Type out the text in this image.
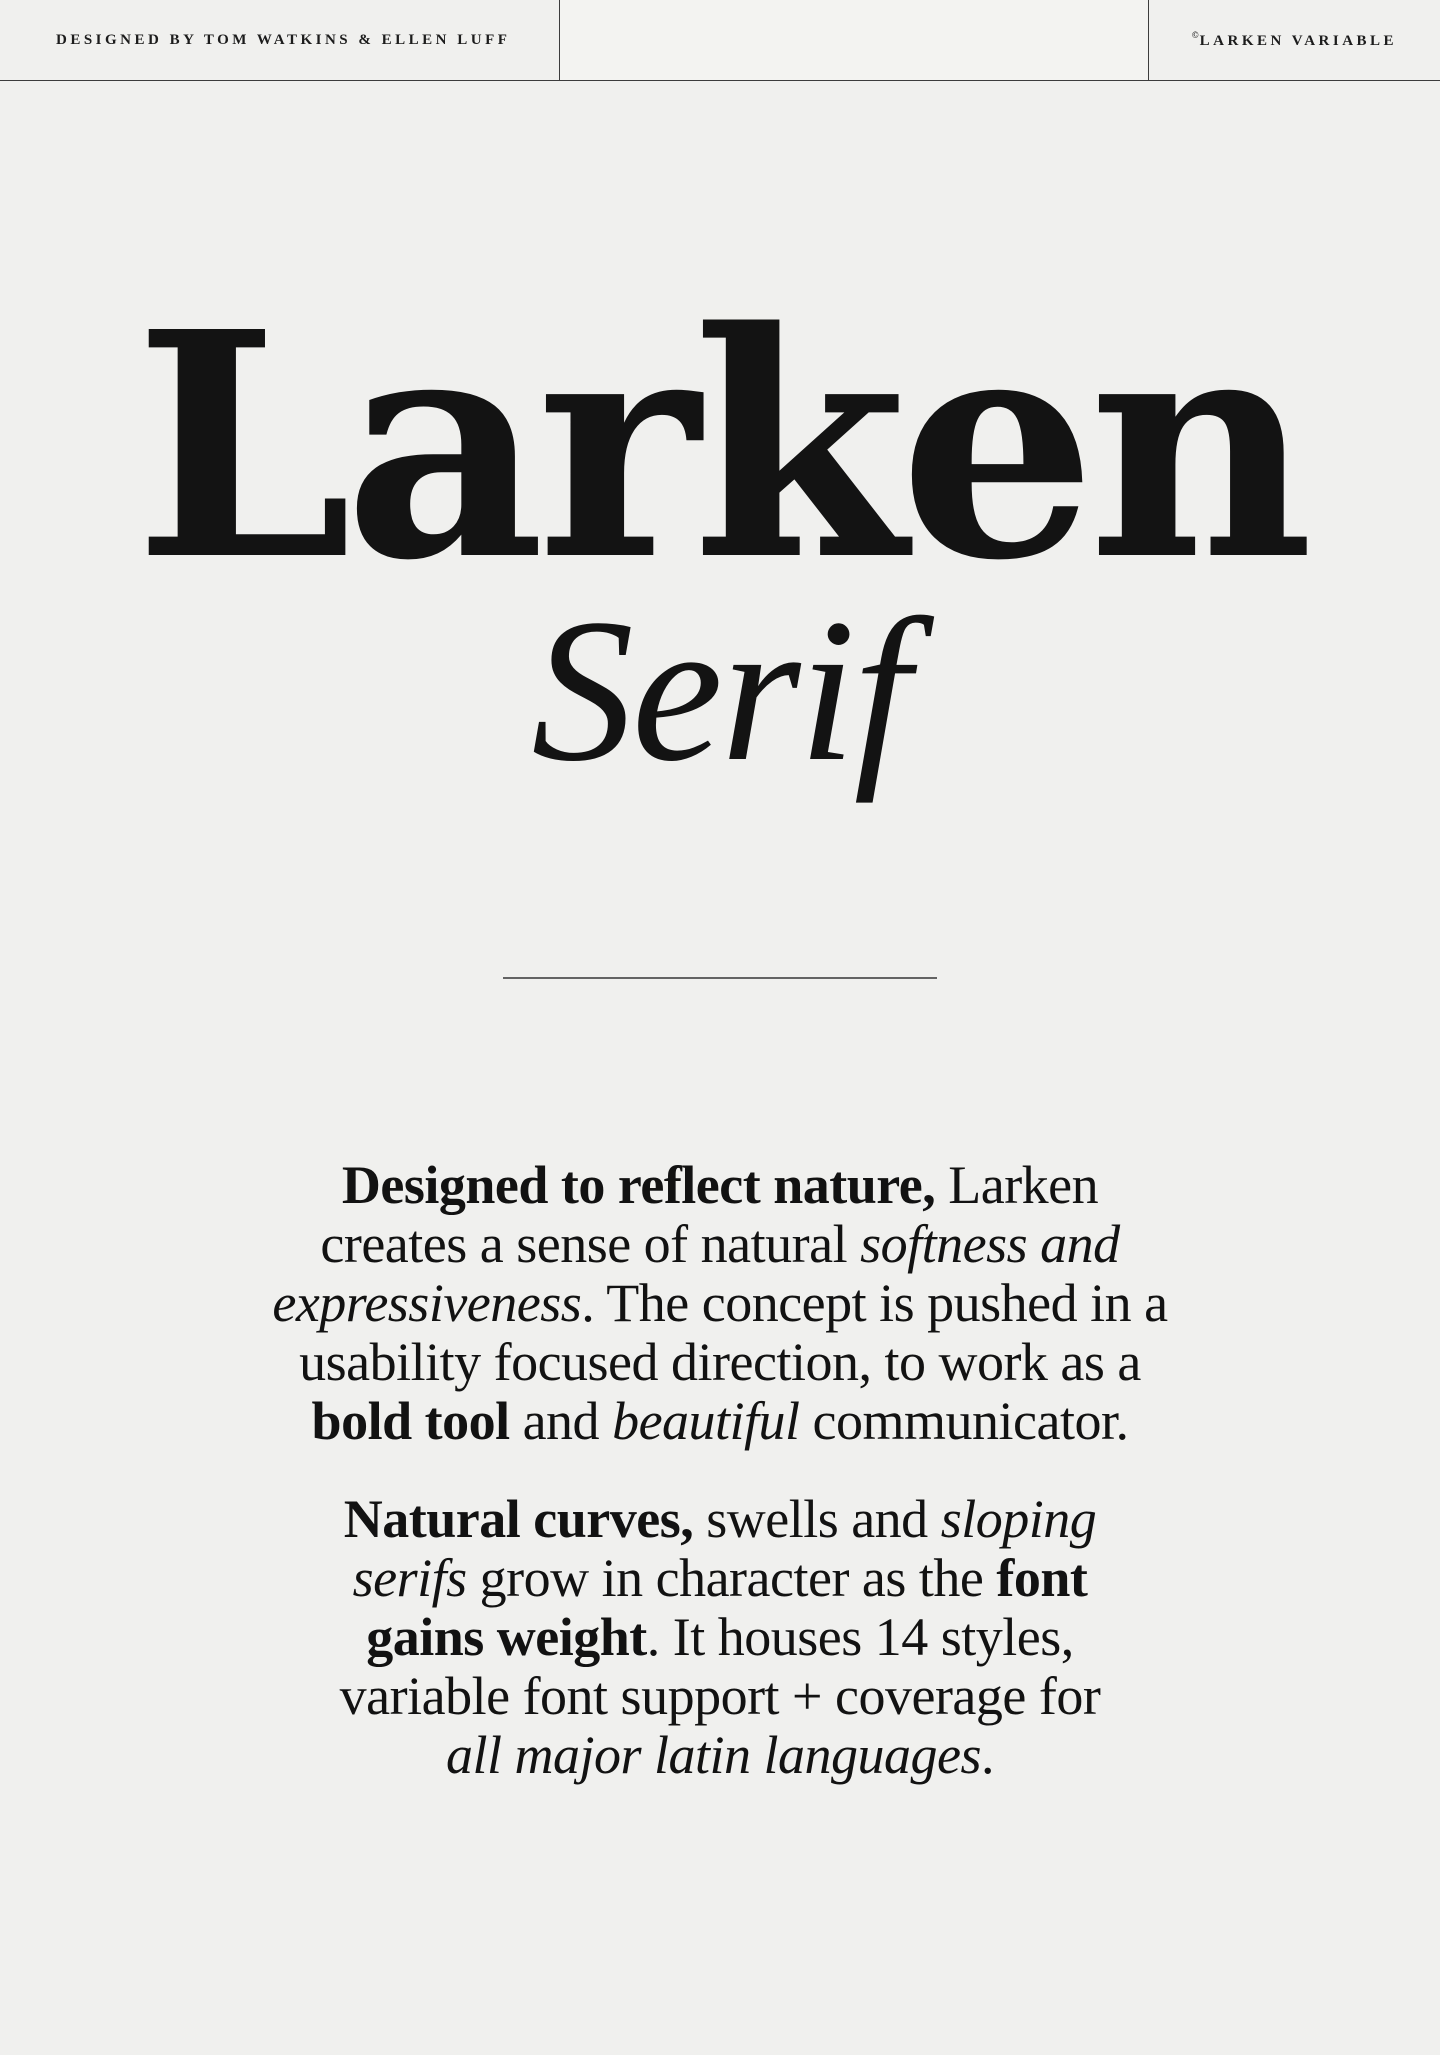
DESIGNED BY TOM WATKINS & ELLEN LUFF	©LARKEN VARIABLE
Larken
Serif

Designed to reflect nature, Larken
creates a sense of natural softness and
expressiveness. The concept is pushed in a
usability focused direction, to work as a
bold tool and beautiful communicator.

Natural curves, swells and sloping
serifs grow in character as the font
gains weight. It houses 14 styles,
variable font support + coverage for
all major latin languages.
